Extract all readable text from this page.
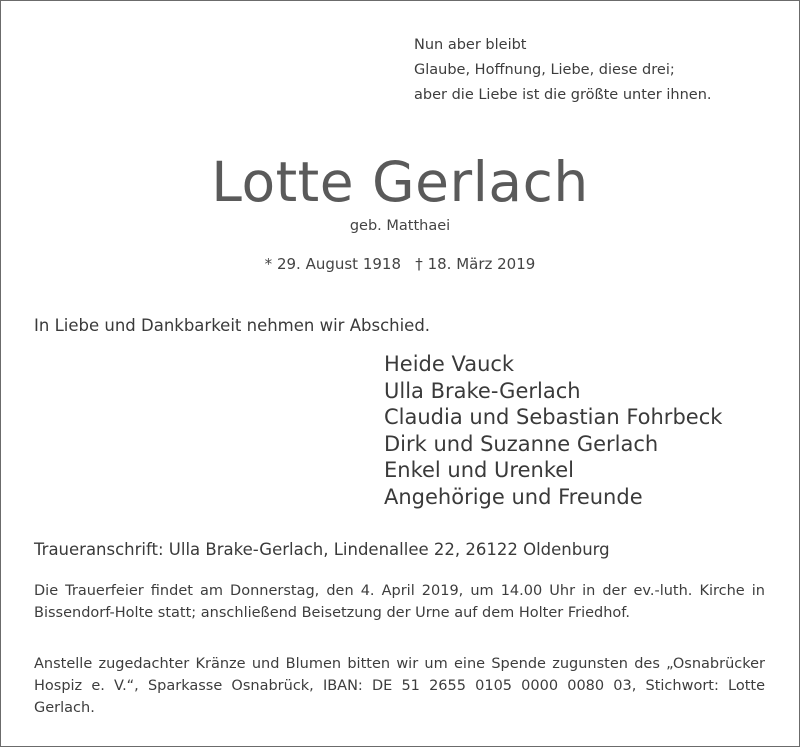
Nun aber bleibt
Glaube, Hoffnung, Liebe, diese drei;
aber die Liebe ist die größte unter ihnen.
Lotte Gerlach
geb. Matthaei
* 29. August 1918   † 18. März 2019
In Liebe und Dankbarkeit nehmen wir Abschied.
Heide Vauck
Ulla Brake-Gerlach
Claudia und Sebastian Fohrbeck
Dirk und Suzanne Gerlach
Enkel und Urenkel
Angehörige und Freunde
Traueranschrift: Ulla Brake-Gerlach, Lindenallee 22, 26122 Oldenburg

Die Trauerfeier findet am Donnerstag, den 4. April 2019, um 14.00 Uhr in der ev.-luth. Kirche in Bissendorf-Holte statt; anschließend Beisetzung der Urne auf dem Holter Friedhof.

Anstelle zugedachter Kränze und Blumen bitten wir um eine Spende zugunsten des „Osnabrücker Hospiz e. V.“, Sparkasse Osnabrück, IBAN: DE 51 2655 0105 0000 0080 03, Stichwort: Lotte Gerlach.
